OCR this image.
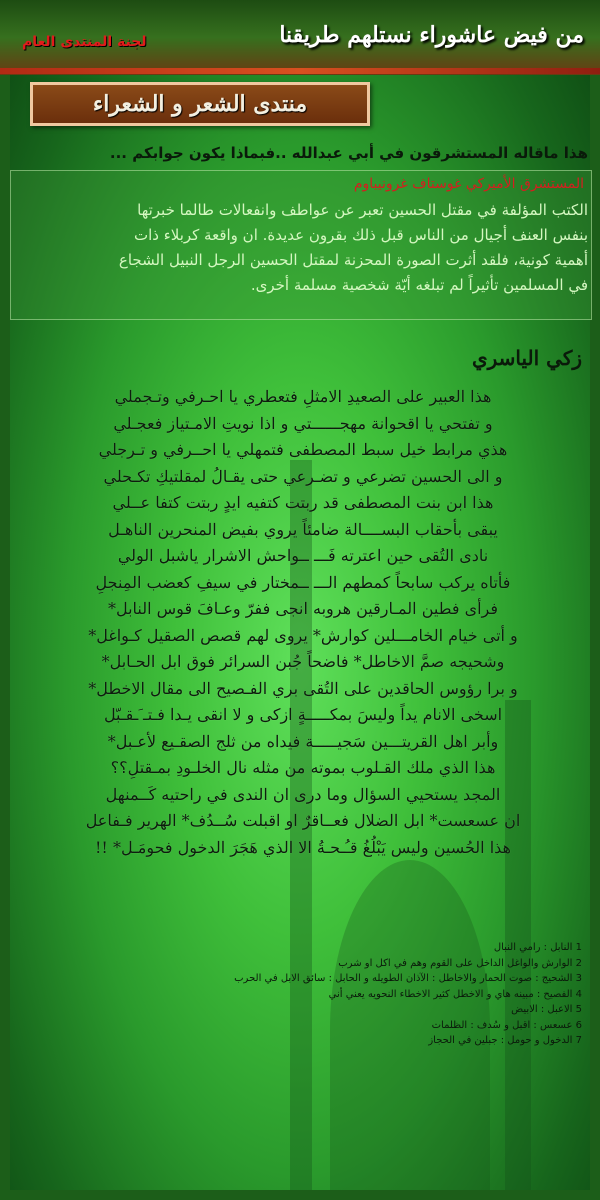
من فيض عاشوراء نستلهم طريقنا
لجنة المنتدى العام
منتدى الشعر و الشعراء
هذا ماقاله المستشرقون في أبي عبدالله ..فبماذا يكون جوابكم ...
المستشرق الأميركي غوستاف غرونيباوم
الكتب المؤلفة في مقتل الحسين تعبر عن عواطف وانفعالات طالما خبرتها
بنفس العنف أجيال من الناس قبل ذلك بقرون عديدة. ان واقعة كربلاء ذات
أهمية كونية، فلقد أثرت الصورة المحزنة لمقتل الحسين الرجل النبيل الشجاع
في المسلمين تأثيراً لم تبلغه أيّة شخصية مسلمة أخرى.
زكي الياسري
هذا العبير على الصعيدِ الامثلِ فتعطري يا احـرفي وتـجملي
و تفتحي يا اقحوانة مهجــــــتي و اذا نويتِ الامـتياز فعجـلي
هذي مرابط خيل سبط المصطفى فتمهلي يا احــرفي و تـرجلي
و الى الحسين تضرعي و تضـرعي حتى يقـالُ لمقلتيكِ تكـحلي
هذا ابن بنت المصطفى قد ربتت كتفيه ايدٍ ربتت كتفا عــلي
يبقى بأحقاب البســــالة ضامئاً يروي بفيض المنحرين الناهـل
نادى التُقى حين اعترته فَـــ ــواحش الاشرار ياشبل الولي
فأتاه يركب سابحاً كمطهم الـــ ــمختار في سيفِ كعضب المِنجلِ
فرأى فطين المـارقين هروبه انجى ففرّ وعـافَ قوس النابل*
و أتى خيام الخامـــلين كوارش* يروى لهم قصص الصقيل كـواغل*
وشحيجه صمَّ الاخاطل* فاضحاً جُبن السرائر فوق ابل الحـابل*
و برا رؤوس الحاقدين على التُقى بري الفـصيح الى مقال الاخطل*
اسخى الانام يداً وليسَ بمكـــــةٍ ازكى و لا انقى يـدا فـتـ َـقـبّل
وأبر اهل القريتـــين سَجيـــــة فيداه من ثلج الصقـيع لأعـبل*
هذا الذي ملك القـلوب بموته من مثله نال الخلـودِ بمـقتلِ؟؟
المجد يستحيي السؤال وما درى ان الندى في راحتيه كَــمنهل
ان عسعست* ابل الضلال فعــاقرٌ او اقبلت سُــدُف* الهرير فـفاعل
هذا الحُسين وليس يَبْلُغُ قـُـحـةُ الا الذي هَجَرَ الدخول فحومَـل* !!
1 النابل : رامي النبال
2 الوارش والواغل الداخل على القوم وهم في اكل او شرب
3 الشحيج : صوت الحمار والاخاطل : الآذان الطويله و الحابل : سائق الابل في الحرب
4 الفصيح : مبينه هاي و الاخطل كثير الاخطاء النحويه يعني أني
5 الاعبل : الابيض
6 عسعس : اقبل و سُدف : الظلمات
7 الدخول و حومل : جبلين في الحجاز
